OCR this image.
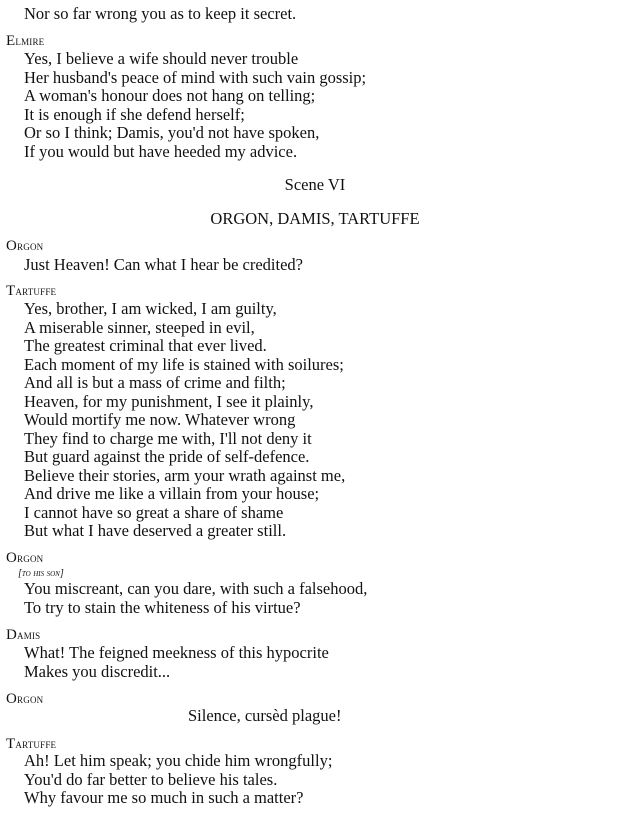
Nor so far wrong you as to keep it secret.
Elmire
Yes, I believe a wife should never trouble
Her husband's peace of mind with such vain gossip;
A woman's honour does not hang on telling;
It is enough if she defend herself;
Or so I think; Damis, you'd not have spoken,
If you would but have heeded my advice.
Scene VI
ORGON, DAMIS, TARTUFFE
Orgon
Just Heaven! Can what I hear be credited?
Tartuffe
Yes, brother, I am wicked, I am guilty,
A miserable sinner, steeped in evil,
The greatest criminal that ever lived.
Each moment of my life is stained with soilures;
And all is but a mass of crime and filth;
Heaven, for my punishment, I see it plainly,
Would mortify me now. Whatever wrong
They find to charge me with, I'll not deny it
But guard against the pride of self-defence.
Believe their stories, arm your wrath against me,
And drive me like a villain from your house;
I cannot have so great a share of shame
But what I have deserved a greater still.
Orgon
[to his son]
You miscreant, can you dare, with such a falsehood,
To try to stain the whiteness of his virtue?
Damis
What! The feigned meekness of this hypocrite
Makes you discredit...
Orgon
Silence, cursèd plague!
Tartuffe
Ah! Let him speak; you chide him wrongfully;
You'd do far better to believe his tales.
Why favour me so much in such a matter?
